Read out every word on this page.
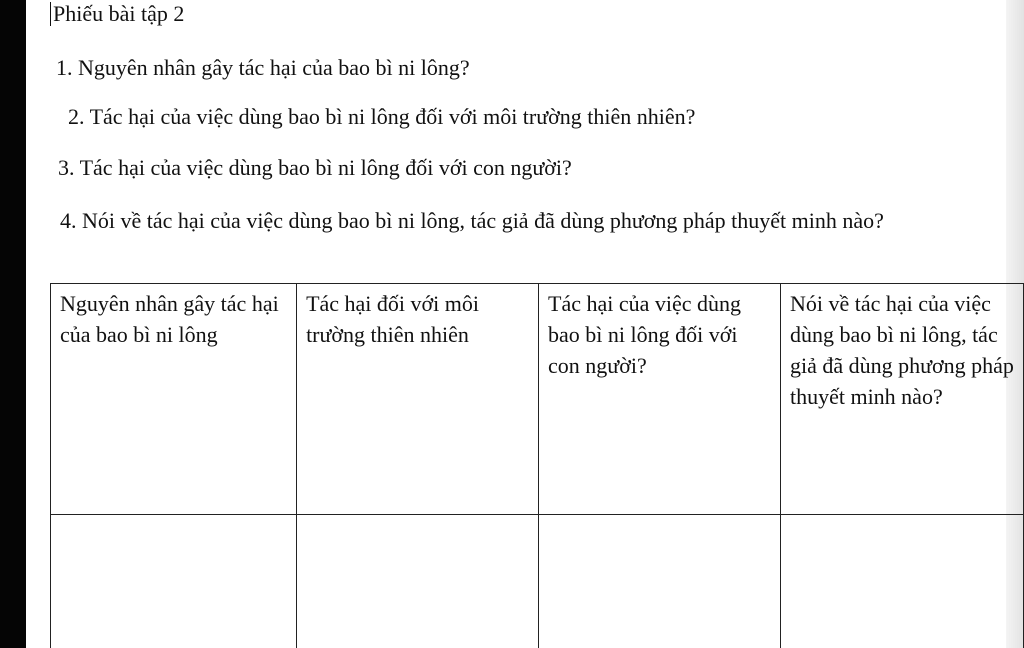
Phiếu bài tập 2
1. Nguyên nhân gây tác hại của bao bì ni lông?
2. Tác hại của việc dùng bao bì ni lông đối với môi trường thiên nhiên?
3. Tác hại của việc dùng bao bì ni lông đối với con người?
4. Nói về tác hại của việc dùng bao bì ni lông, tác giả đã dùng phương pháp thuyết minh nào?
Nguyên nhân gây tác hại của bao bì ni lông	Tác hại đối với môi trường thiên nhiên	Tác hại của việc dùng bao bì ni lông đối với con người?	Nói về tác hại của việc dùng bao bì ni lông, tác giả đã dùng phương pháp thuyết minh nào?
